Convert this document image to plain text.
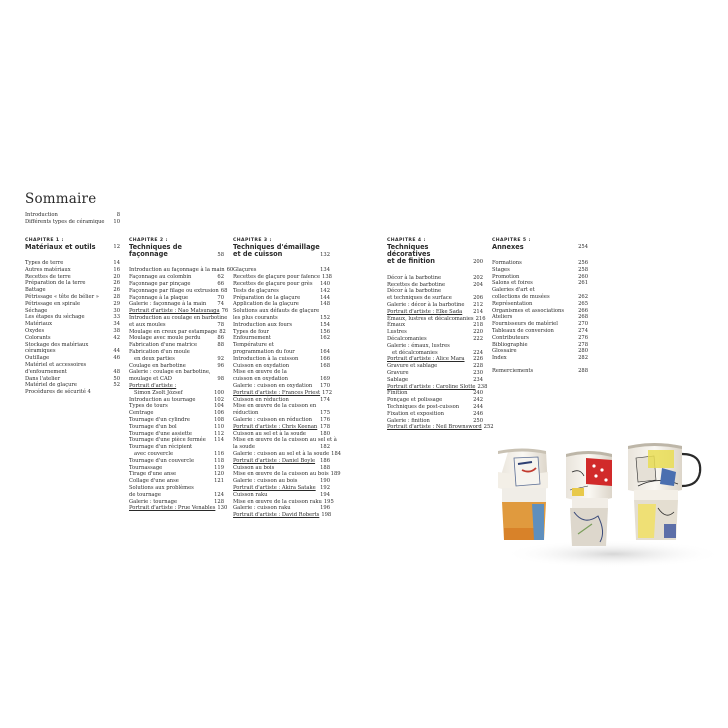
Sommaire
Introduction	8
Différents types de céramique	10
CHAPITRE 1 :
Matériaux et outils	12
Types de terre	14
Autres matériaux	16
Recettes de terre	20
Préparation de la terre	26
Battage	26
Pétrissage « tête de bélier »	28
Pétrissage en spirale	29
Séchage	30
Les étapes du séchage	33
Matériaux	34
Oxydes	38
Colorants	42
Stockage des matériaux
céramiques	44
Outillage	46
Matériel et accessoires
d'enfournement	48
Dans l'atelier	50
Matériel de glaçure	52
Procédures de sécurité 4
CHAPITRE 2 :
Techniques de façonnage	58
Introduction au façonnage à la main 60
Façonnage au colombin	62
Façonnage par pinçage	66
Façonnage par filage ou extrusion 68
Façonnage à la plaque	70
Galerie : façonnage à la main	74
Portrait d'artiste : Nao Matsunaga 76
Introduction au coulage en barbotine
et aux moules	78
Moulage en creux par estampage 82
Moulage avec moule perdu	86
Fabrication d'une matrice	88
Fabrication d'un moule
en deux parties	92
Coulage en barbotine	96
Galerie : coulage en barbotine,
moulage et CAD	98
Portrait d'artiste :
Simon Zsolt József	100
Introduction au tournage	102
Types de tours	104
Centrage	106
Tournage d'un cylindre	108
Tournage d'un bol	110
Tournage d'une assiette	112
Tournage d'une pièce fermée	114
Tournage d'un récipient
avec couvercle	116
Tournage d'un couvercle	118
Tournassage	119
Tirage d'une anse	120
Collage d'une anse	121
Solutions aux problèmes
de tournage	124
Galerie : tournage	128
Portrait d'artiste : Prue Venables 130
CHAPITRE 3 :
Techniques d'émaillage
et de cuisson	132
Glaçures	134
Recettes de glaçure pour faïence 138
Recettes de glaçure pour grès	140
Tests de glaçures	142
Préparation de la glaçure	144
Application de la glaçure	148
Solutions aux défauts de glaçure
les plus courants	152
Introduction aux fours	154
Types de four	156
Enfournement	162
Température et
programmation du four	164
Introduction à la cuisson	166
Cuisson en oxydation	168
Mise en œuvre de la
cuisson en oxydation	169
Galerie : cuisson en oxydation	170
Portrait d'artiste : Frances Priest 172
Cuisson en réduction	174
Mise en œuvre de la cuisson en
réduction	175
Galerie : cuisson en réduction	176
Portrait d'artiste : Chris Keenan 178
Cuisson au sel et à la soude	180
Mise en œuvre de la cuisson au sel et à
la soude	182
Galerie : cuisson au sel et à la soude 184
Portrait d'artiste : Daniel Boyle 186
Cuisson au bois	188
Mise en œuvre de la cuisson au bois 189
Galerie : cuisson au bois	190
Portrait d'artiste : Akira Satake 192
Cuisson raku	194
Mise en œuvre de la cuisson raku 195
Galerie : cuisson raku	196
Portrait d'artiste : David Roberts 198
CHAPITRE 4 :
Techniques décoratives
et de finition	200
Décor à la barbotine	202
Recettes de barbotine	204
Décor à la barbotine
et techniques de surface	206
Galerie : décor à la barbotine	212
Portrait d'artiste : Elke Sada	214
Émaux, lustres et décalcomanies 216
Émaux	218
Lustres	220
Décalcomanies	222
Galerie : émaux, lustres
et décalcomanies	224
Portrait d'artiste : Alice Mara	226
Gravure et sablage	228
Gravure	230
Sablage	234
Portrait d'artiste : Caroline Slotte 238
Finition	240
Ponçage et polissage	242
Techniques de post-cuisson	244
Fixation et exposition	246
Galerie : finition	250
Portrait d'artiste : Neil Brownsword 252
CHAPITRE 5 :
Annexes	254
Formations	256
Stages	258
Promotion	260
Salons et foires	261
Galeries d'art et
collections de musées	262
Représentation	265
Organismes et associations	266
Ateliers	268
Fournisseurs de matériel	270
Tableaux de conversion	274
Contributeurs	276
Bibliographie	278
Glossaire	280
Index	282
Remerciements	288
